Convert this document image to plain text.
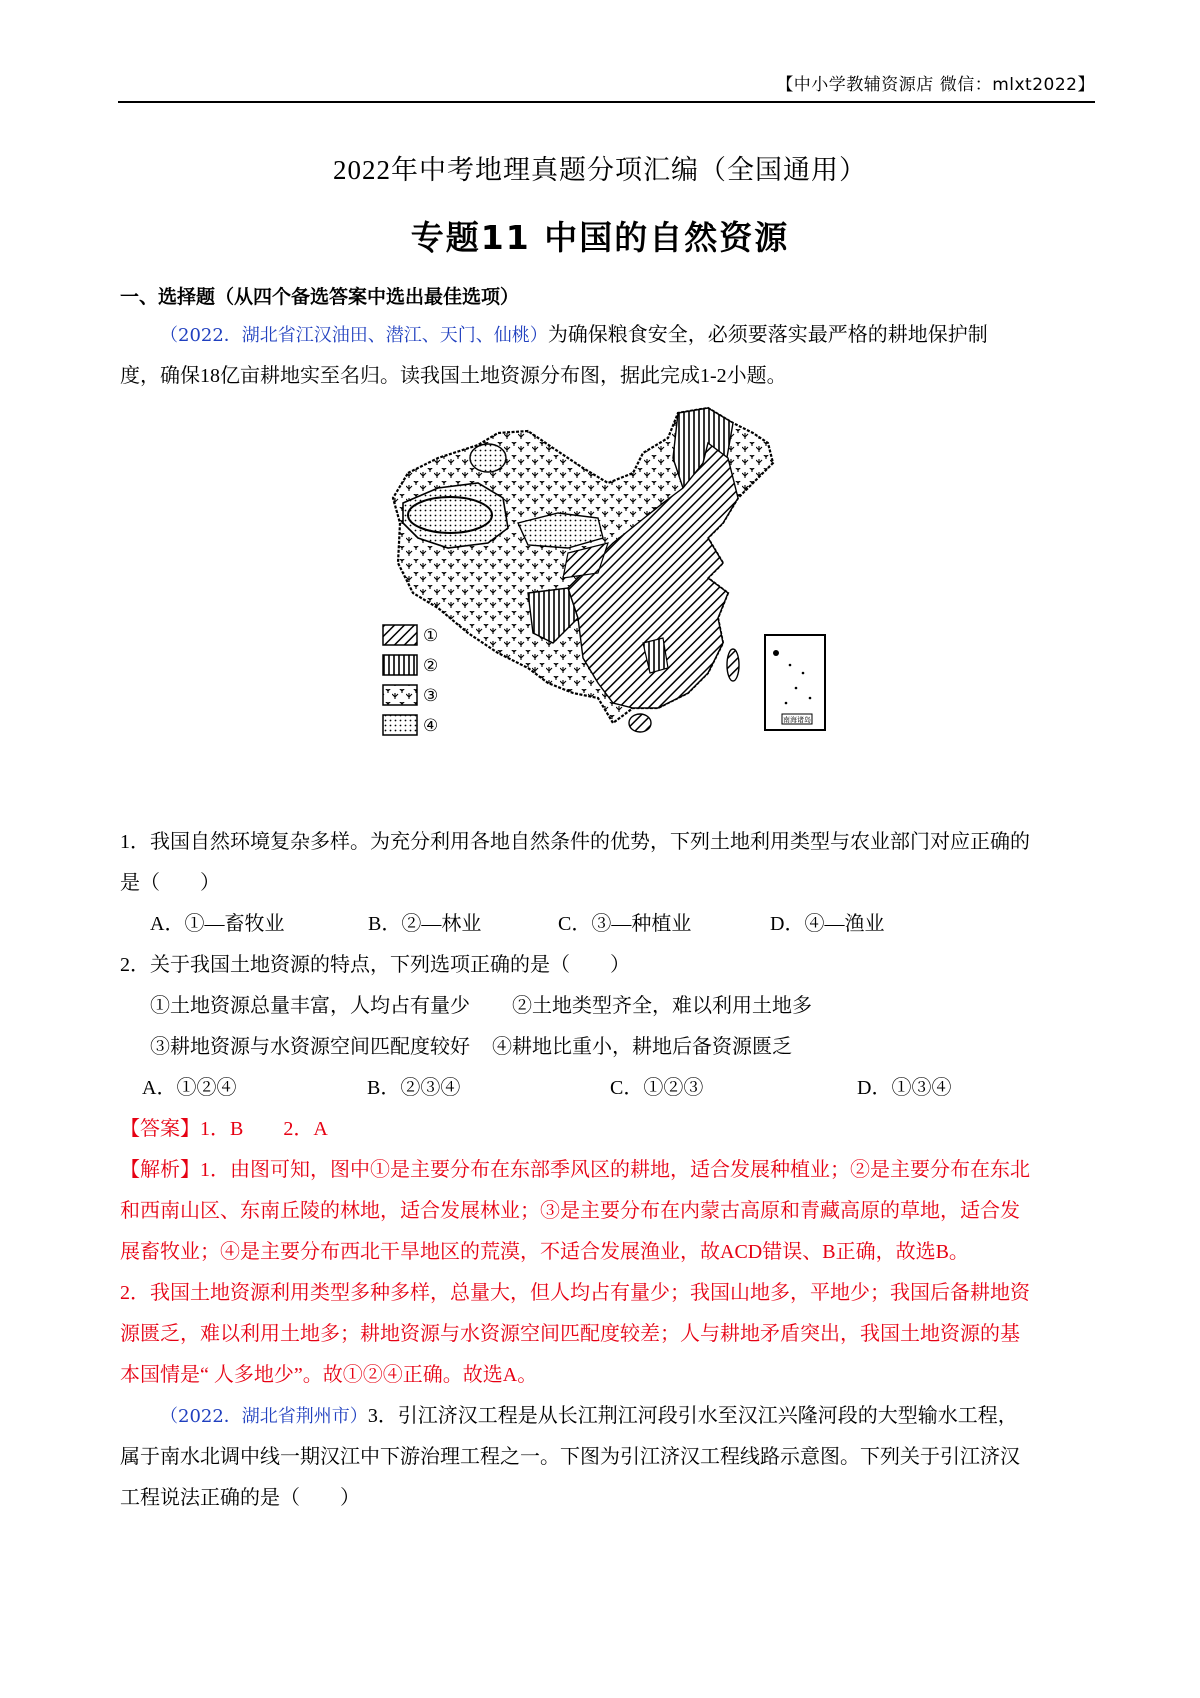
【中小学教辅资源店 微信：mlxt2022】
2022年中考地理真题分项汇编（全国通用）
专题11 中国的自然资源
一、选择题（从四个备选答案中选出最佳选项）

（2022．湖北省江汉油田、潜江、天门、仙桃）为确保粮食安全，必须要落实最严格的耕地保护制

度，确保18亿亩耕地实至名归。读我国土地资源分布图，据此完成1-2小题。

南海诸岛
①
②
③
④

1．我国自然环境复杂多样。为充分利用各地自然条件的优势，下列土地利用类型与农业部门对应正确的

是（　　）

A．①—畜牧业	B．②—林业	C．③—种植业	D．④—渔业

2．关于我国土地资源的特点，下列选项正确的是（　　）

①土地资源总量丰富，人均占有量少 ②土地类型齐全，难以利用土地多
③耕地资源与水资源空间匹配度较好 ④耕地比重小，耕地后备资源匮乏
A．①②④	B．②③④	C．①②③	D．①③④

【答案】1．B　　2．A

【解析】1．由图可知，图中①是主要分布在东部季风区的耕地，适合发展种植业；②是主要分布在东北

和西南山区、东南丘陵的林地，适合发展林业；③是主要分布在内蒙古高原和青藏高原的草地，适合发

展畜牧业；④是主要分布西北干旱地区的荒漠，不适合发展渔业，故ACD错误、B正确，故选B。

2．我国土地资源利用类型多种多样，总量大，但人均占有量少；我国山地多，平地少；我国后备耕地资

源匮乏，难以利用土地多；耕地资源与水资源空间匹配度较差；人与耕地矛盾突出，我国土地资源的基

本国情是“ 人多地少”。故①②④正确。故选A。

（2022．湖北省荆州市）3．引江济汉工程是从长江荆江河段引水至汉江兴隆河段的大型输水工程，

属于南水北调中线一期汉江中下游治理工程之一。下图为引江济汉工程线路示意图。下列关于引江济汉

工程说法正确的是（　　）
